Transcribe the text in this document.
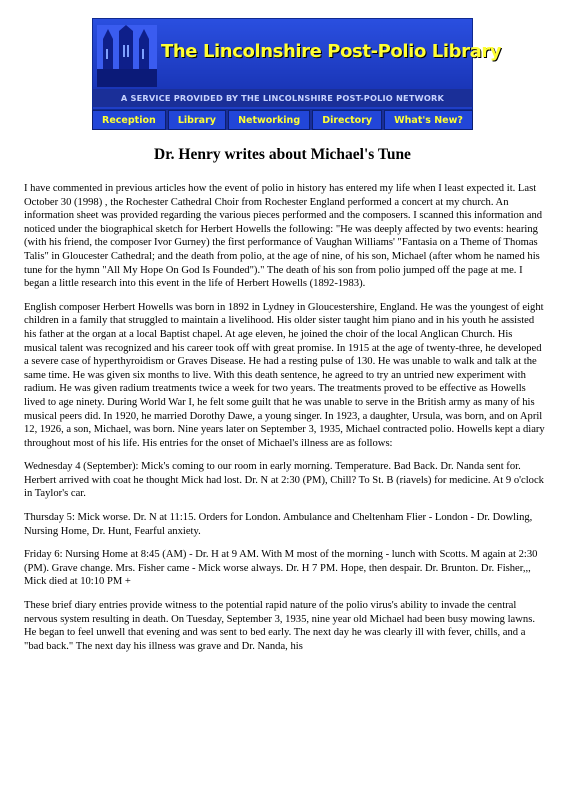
The Lincolnshire Post-Polio Library
A SERVICE PROVIDED BY THE LINCOLNSHIRE POST-POLIO NETWORK
Reception	Library	Networking	Directory	What's New?
Dr. Henry writes about Michael's Tune

I have commented in previous articles how the event of polio in history has entered my life when I least expected it. Last October 30 (1998) , the Rochester Cathedral Choir from Rochester England performed a concert at my church. An information sheet was provided regarding the various pieces performed and the composers. I scanned this information and noticed under the biographical sketch for Herbert Howells the following: "He was deeply affected by two events: hearing (with his friend, the composer Ivor Gurney) the first performance of Vaughan Williams' "Fantasia on a Theme of Thomas Talis" in Gloucester Cathedral; and the death from polio, at the age of nine, of his son, Michael (after whom he named his tune for the hymn "All My Hope On God Is Founded")." The death of his son from polio jumped off the page at me. I began a little research into this event in the life of Herbert Howells (1892-1983).

English composer Herbert Howells was born in 1892 in Lydney in Gloucestershire, England. He was the youngest of eight children in a family that struggled to maintain a livelihood. His older sister taught him piano and in his youth he assisted his father at the organ at a local Baptist chapel. At age eleven, he joined the choir of the local Anglican Church. His musical talent was recognized and his career took off with great promise. In 1915 at the age of twenty-three, he developed a severe case of hyperthyroidism or Graves Disease. He had a resting pulse of 130. He was unable to walk and talk at the same time. He was given six months to live. With this death sentence, he agreed to try an untried new experiment with radium. He was given radium treatments twice a week for two years. The treatments proved to be effective as Howells lived to age ninety. During World War I, he felt some guilt that he was unable to serve in the British army as many of his musical peers did. In 1920, he married Dorothy Dawe, a young singer. In 1923, a daughter, Ursula, was born, and on April 12, 1926, a son, Michael, was born. Nine years later on September 3, 1935, Michael contracted polio. Howells kept a diary throughout most of his life. His entries for the onset of Michael's illness are as follows:

Wednesday 4 (September): Mick's coming to our room in early morning. Temperature. Bad Back. Dr. Nanda sent for. Herbert arrived with coat he thought Mick had lost. Dr. N at 2:30 (PM), Chill? To St. B (riavels) for medicine. At 9 o'clock in Taylor's car.

Thursday 5: Mick worse. Dr. N at 11:15. Orders for London. Ambulance and Cheltenham Flier - London - Dr. Dowling, Nursing Home, Dr. Hunt, Fearful anxiety.

Friday 6: Nursing Home at 8:45 (AM) - Dr. H at 9 AM. With M most of the morning - lunch with Scotts. M again at 2:30 (PM). Grave change. Mrs. Fisher came - Mick worse always. Dr. H 7 PM. Hope, then despair. Dr. Brunton. Dr. Fisher,,, Mick died at 10:10 PM +

These brief diary entries provide witness to the potential rapid nature of the polio virus's ability to invade the central nervous system resulting in death. On Tuesday, September 3, 1935, nine year old Michael had been busy mowing lawns. He began to feel unwell that evening and was sent to bed early. The next day he was clearly ill with fever, chills, and a "bad back." The next day his illness was grave and Dr. Nanda, his
